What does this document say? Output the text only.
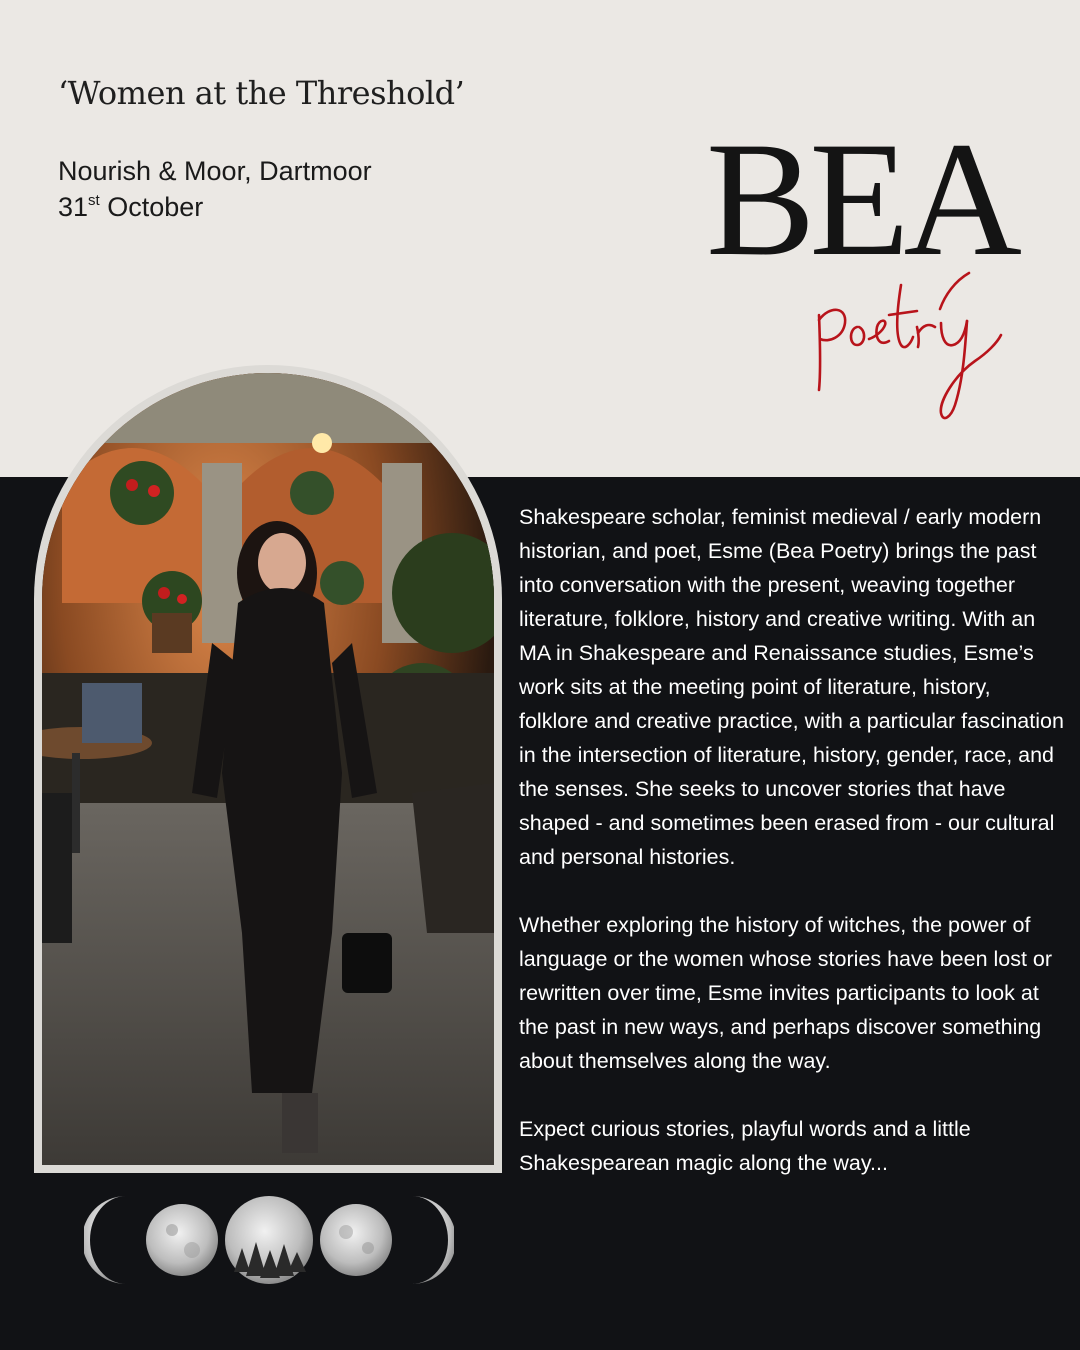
‘Women at the Threshold’
Nourish & Moor, Dartmoor
31st October	BEA

Shakespeare scholar, feminist medieval / early modern historian, and poet, Esme (Bea Poetry) brings the past into conversation with the present, weaving together literature, folklore, history and creative writing. With an MA in Shakespeare and Renaissance studies, Esme’s work sits at the meeting point of literature, history, folklore and creative practice, with a particular fascination in the intersection of literature, history, gender, race, and the senses. She seeks to uncover stories that have shaped - and sometimes been erased from - our cultural and personal histories.

Whether exploring the history of witches, the power of language or the women whose stories have been lost or rewritten over time, Esme invites participants to look at the past in new ways, and perhaps discover something about themselves along the way.

Expect curious stories, playful words and a little Shakespearean magic along the way...
